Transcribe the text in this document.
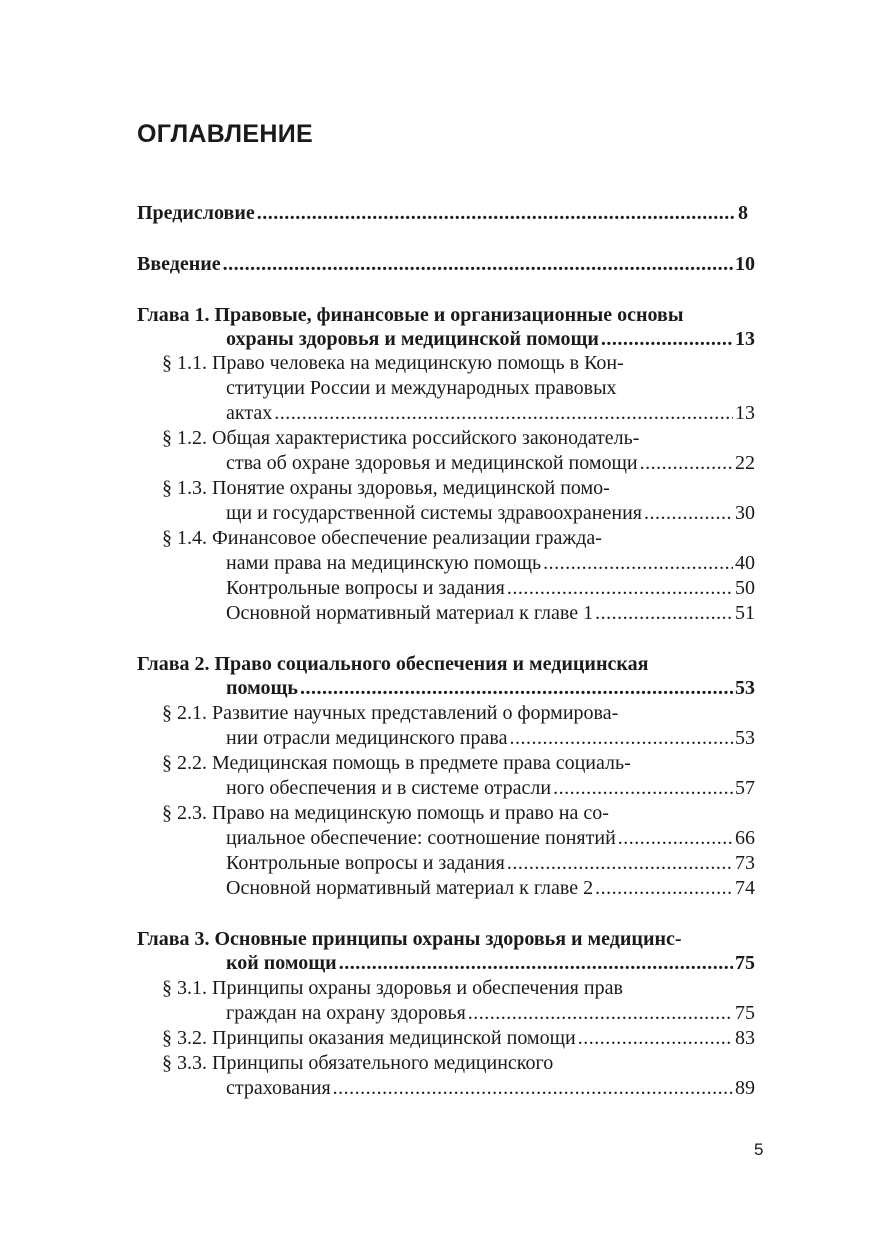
ОГЛАВЛЕНИЕ
Предисловие .....	8
Введение .....	10
Глава 1. Правовые, финансовые и организационные основы
охраны здоровья и медицинской помощи .....	13
§ 1.1. Право человека на медицинскую помощь в Кон-
ституции России и международных правовых
актах .....	13
§ 1.2. Общая характеристика российского законодатель-
ства об охране здоровья и медицинской помощи .....	22
§ 1.3. Понятие охраны здоровья, медицинской помо-
щи и государственной системы здравоохранения .....	30
§ 1.4. Финансовое обеспечение реализации гражда-
нами права на медицинскую помощь .....	40
Контрольные вопросы и задания .....	50
Основной нормативный материал к главе 1 .....	51
Глава 2. Право социального обеспечения и медицинская
помощь .....	53
§ 2.1. Развитие научных представлений о формирова-
нии отрасли медицинского права .....	53
§ 2.2. Медицинская помощь в предмете права социаль-
ного обеспечения и в системе отрасли .....	57
§ 2.3. Право на медицинскую помощь и право на со-
циальное обеспечение: соотношение понятий .....	66
Контрольные вопросы и задания .....	73
Основной нормативный материал к главе 2 .....	74
Глава 3. Основные принципы охраны здоровья и медицинс-
кой помощи .....	75
§ 3.1. Принципы охраны здоровья и обеспечения прав
граждан на охрану здоровья .....	75
§ 3.2. Принципы оказания медицинской помощи .....	83
§ 3.3. Принципы обязательного медицинского
страхования .....	89
5
